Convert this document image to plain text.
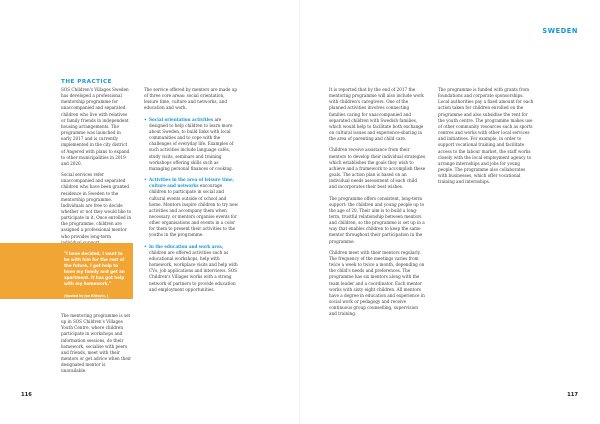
SWEDEN
THE PRACTICE

SOS Children's Villages Sweden has developed a professional mentorship programme for unaccompanied and separated children who live with relatives or family friends in independent housing arrangements. The programme was launched in early 2017 and is currently implemented in the city district of Angered with plans to expand to other municipalities in 2019 and 2020.

Social services refer unaccompanied and separated children who have been granted residence in Sweden to the mentorship programme. Individuals are free to decide whether or not they would like to participate in it. Once enrolled in the programme, children are assigned a professional mentor who provides long-term

"I have decided, I want to be with him for the rest of the future, I got help to have my family and get an apartment. It has got help with my homework."
(Quoted by Jon Kittayin, [ unaccompanied child ])

The mentoring programme is set up in SOS Children's Villages Youth Centre, where children participate in workshops and information sessions, do their homework, socialise with peers and friends, meet with their mentors or get advice when their designated mentor is unavailable.

The service offered by mentors are made up of three core areas: social orientation, leisure time, culture and networks, and education and work.

• Social orientation activities are designed to help children to learn more about Sweden, to build links with local communities and to cope with the challenges of everyday life. Examples of such activities include language cafés, study visits, seminars and training workshops offering skills such as managing personal finances or cooking.
• Activities in the area of leisure time, culture and networks encourage children to participate in social and cultural events outside of school and home. Mentors inspire children to try new activities and accompany them when necessary, or mentors organise events for other organisations and events in a color for them to present their activities to the youths in the programme.
• In the education and work area, children are offered activities such as educational workshops, help with homework, workplace visits and help with CVs, job applications and interviews. SOS Children's Villages works with a strong network of partners to provide education and employment opportunities.

It is reported that by the end of 2017 the mentoring programme will also include work with children's caregivers. One of the planned activities involves connecting families caring for unaccompanied and separated children with Swedish families, which would help to facilitate both exchange on cultural issues and experience-sharing in the area of parenting and child care.

Children receive assistance from their mentors to develop their individual strategies which establishes the goals they wish to achieve and a framework to accomplish these goals. The action plan is based on an individual needs assessment of each child and incorporates their best wishes.

The programme offers consistent, long-term support: the children and young people up to the age of 20. Their aim is to build a long-term, trustful relationship between mentors and children, so the programme is set up in a way that enables children to keep the same mentor throughout their participation in the programme.

Children meet with their mentors regularly. The frequency of the meetings varies from twice a week to twice a month, depending on the child's needs and preferences. The programme has six mentors along with the team leader and a coordinator. Each mentor works with sixty eight children. All mentors have a degree in education and experience in social work or pedagogy and receive continuous group counselling, supervision and training.

The programme is funded with grants from foundations and corporate sponsorships. Local authorities pay a fixed amount for each action taken for children enrolled on the programme and also subsidise the rent for the youth centre. The programme makes use of other community resources such as sports centres and works with other local services and initiatives. For example, in order to support vocational training and facilitate access to the labour market, the staff works closely with the local employment agency to arrange internships and jobs for young people. The programme also collaborates with businesses, which offer vocational training and internships.

116	117
